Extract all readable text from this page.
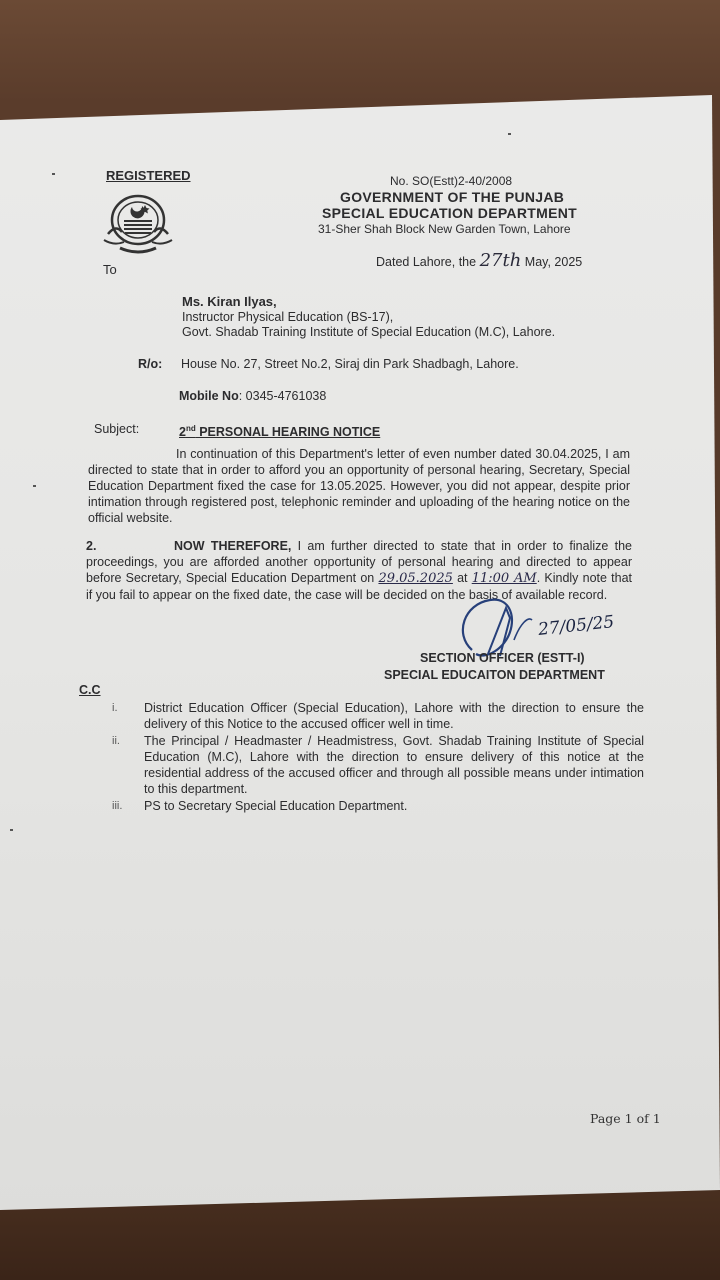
REGISTERED
To
No. SO(Estt)2-40/2008
GOVERNMENT OF THE PUNJAB
SPECIAL EDUCATION DEPARTMENT
31-Sher Shah Block New Garden Town, Lahore
Dated Lahore, the 27th May, 2025
Ms. Kiran Ilyas,
Instructor Physical Education (BS-17),
Govt. Shadab Training Institute of Special Education (M.C), Lahore.
R/o: House No. 27, Street No.2, Siraj din Park Shadbagh, Lahore.
Mobile No: 0345-4761038
Subject:	2nd PERSONAL HEARING NOTICE
In continuation of this Department's letter of even number dated 30.04.2025, I am directed to state that in order to afford you an opportunity of personal hearing, Secretary, Special Education Department fixed the case for 13.05.2025. However, you did not appear, despite prior intimation through registered post, telephonic reminder and uploading of the hearing notice on the official website.
2.	NOW THEREFORE, I am further directed to state that in order to finalize the proceedings, you are afforded another opportunity of personal hearing and directed to appear before Secretary, Special Education Department on 29.05.2025 at 11:00 AM. Kindly note that if you fail to appear on the fixed date, the case will be decided on the basis of available record.
27/05/25
SECTION OFFICER (ESTT-I)
SPECIAL EDUCAITON DEPARTMENT
C.C
i.	District Education Officer (Special Education), Lahore with the direction to ensure the delivery of this Notice to the accused officer well in time.
ii.	The Principal / Headmaster / Headmistress, Govt. Shadab Training Institute of Special Education (M.C), Lahore with the direction to ensure delivery of this notice at the residential address of the accused officer and through all possible means under intimation to this department.
iii.	PS to Secretary Special Education Department.
Page 1 of 1
